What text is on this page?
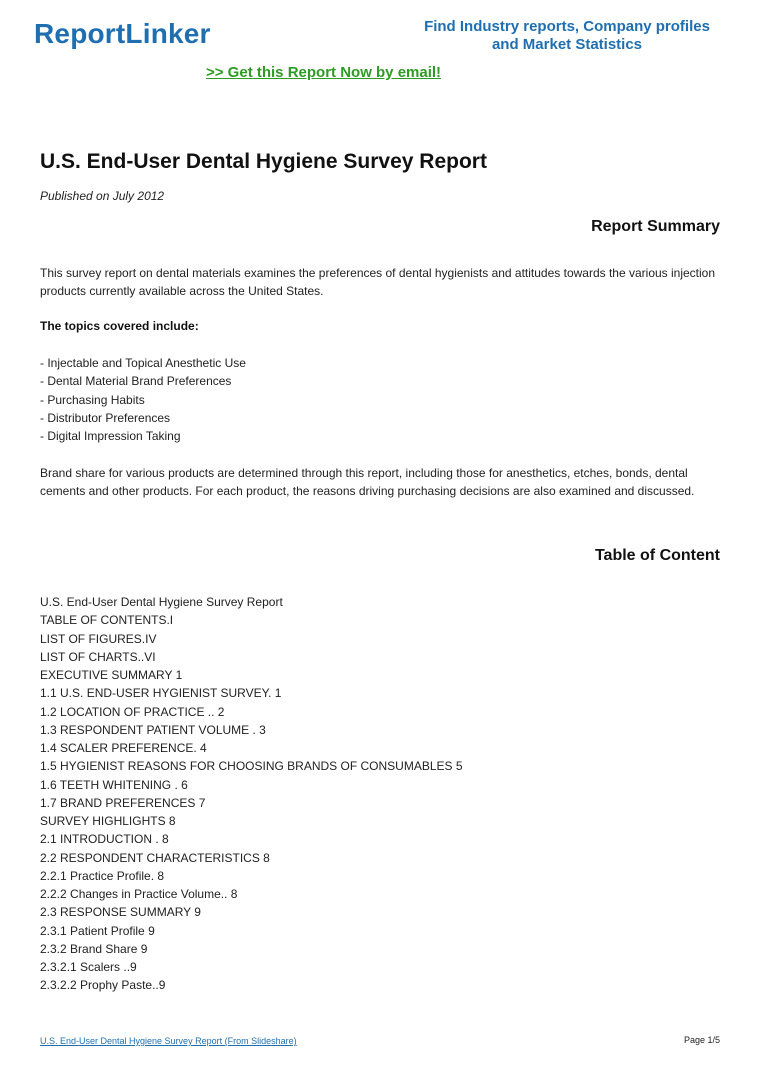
ReportLinker	Find Industry reports, Company profiles
and Market Statistics
>> Get this Report Now by email!
U.S. End-User Dental Hygiene Survey Report
Published on July 2012
Report Summary
This survey report on dental materials examines the preferences of dental hygienists and attitudes towards the various injection products currently available across the United States.
The topics covered include:
- Injectable and Topical Anesthetic Use
- Dental Material Brand Preferences
- Purchasing Habits
- Distributor Preferences
- Digital Impression Taking
Brand share for various products are determined through this report, including those for anesthetics, etches, bonds, dental cements and other products. For each product, the reasons driving purchasing decisions are also examined and discussed.
Table of Content
U.S. End-User Dental Hygiene Survey Report
TABLE OF CONTENTS.I
LIST OF FIGURES.IV
LIST OF CHARTS..VI
EXECUTIVE SUMMARY 1
1.1 U.S. END-USER HYGIENIST SURVEY. 1
1.2 LOCATION OF PRACTICE .. 2
1.3 RESPONDENT PATIENT VOLUME . 3
1.4 SCALER PREFERENCE. 4
1.5 HYGIENIST REASONS FOR CHOOSING BRANDS OF CONSUMABLES 5
1.6 TEETH WHITENING . 6
1.7 BRAND PREFERENCES 7
SURVEY HIGHLIGHTS 8
2.1 INTRODUCTION . 8
2.2 RESPONDENT CHARACTERISTICS 8
2.2.1 Practice Profile. 8
2.2.2 Changes in Practice Volume.. 8
2.3 RESPONSE SUMMARY 9
2.3.1 Patient Profile 9
2.3.2 Brand Share 9
2.3.2.1 Scalers ..9
2.3.2.2 Prophy Paste..9
U.S. End-User Dental Hygiene Survey Report (From Slideshare)	Page 1/5
